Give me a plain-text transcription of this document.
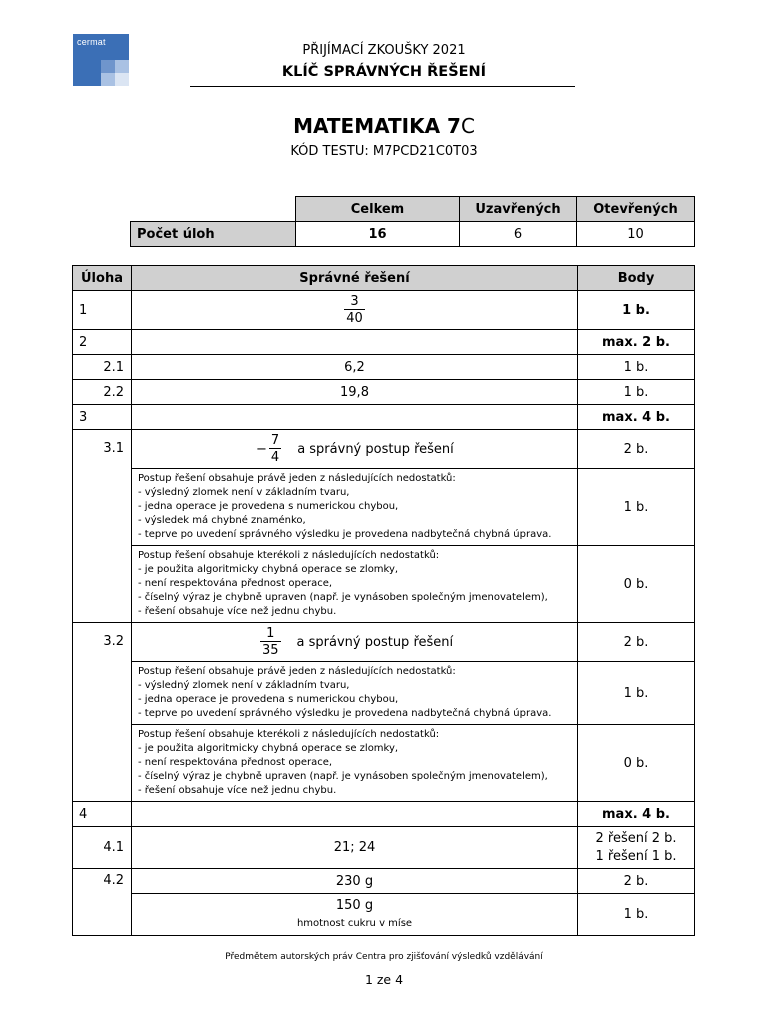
cermat
PŘIJÍMACÍ ZKOUŠKY 2021
KLÍČ SPRÁVNÝCH ŘEŠENÍ
MATEMATIKA 7C
KÓD TESTU: M7PCD21C0T03
	Celkem	Uzavřených	Otevřených
Počet úloh	16	6	10
Úloha	Správné řešení	Body
1	$\frac{3}{40}$	1 b.
2		max. 2 b.
2.1	6,2	1 b.
2.2	19,8	1 b.
3		max. 4 b.
3.1	− $\frac{7}{4}$ a správný postup řešení	2 b.

	Postup řešení obsahuje právě jeden z následujících nedostatků:
- výsledný zlomek není v základním tvaru,
- jedna operace je provedena s numerickou chybou,
- výsledek má chybné znaménko,
- teprve po uvedení správného výsledku je provedena nadbytečná chybná úprava.	1 b.

	Postup řešení obsahuje kterékoli z následujících nedostatků:
- je použita algoritmicky chybná operace se zlomky,
- není respektována přednost operace,
- číselný výraz je chybně upraven (např. je vynásoben společným jmenovatelem),
- řešení obsahuje více než jednu chybu.	0 b.
3.2	$\frac{1}{35}$ a správný postup řešení	2 b.

	Postup řešení obsahuje právě jeden z následujících nedostatků:
- výsledný zlomek není v základním tvaru,
- jedna operace je provedena s numerickou chybou,
- teprve po uvedení správného výsledku je provedena nadbytečná chybná úprava.	1 b.

	Postup řešení obsahuje kterékoli z následujících nedostatků:
- je použita algoritmicky chybná operace se zlomky,
- není respektována přednost operace,
- číselný výraz je chybně upraven (např. je vynásoben společným jmenovatelem),
- řešení obsahuje více než jednu chybu.	0 b.
4		max. 4 b.
4.1	21; 24	2 řešení 2 b.
1 řešení 1 b.

4.2	230 g	2 b.

	150 g
hmotnost cukru v míse	1 b.
Předmětem autorských práv Centra pro zjišťování výsledků vzdělávání
1 ze 4
